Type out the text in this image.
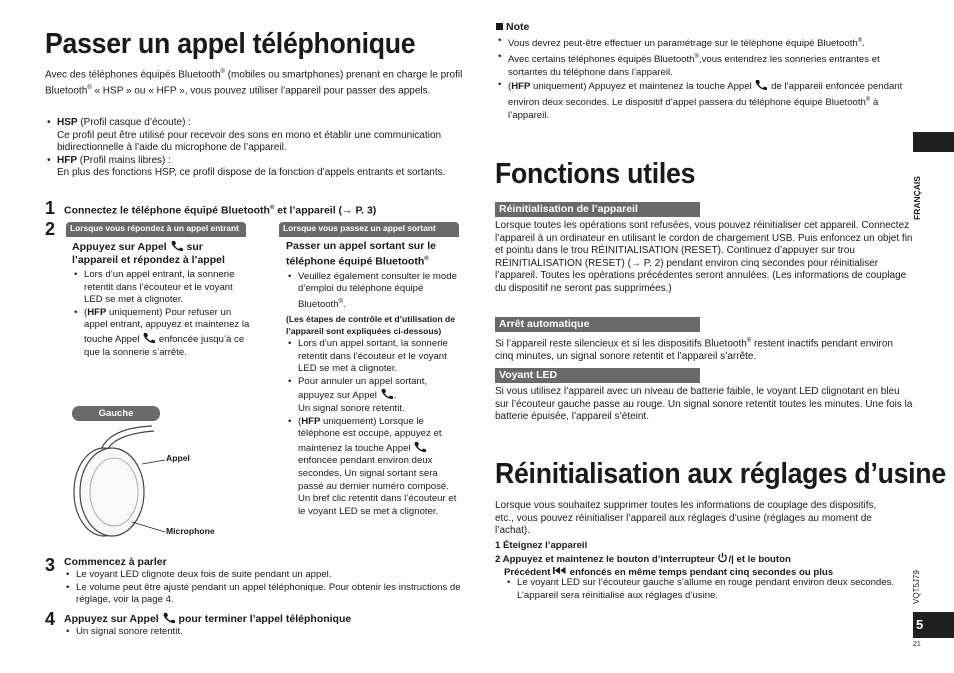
Passer un appel téléphonique
Avec des téléphones équipés Bluetooth® (mobiles ou smartphones) prenant en charge le profil Bluetooth® « HSP » ou « HFP », vous pouvez utiliser l’appareil pour passer des appels.
• HSP (Profil casque d’écoute) :
Ce profil peut être utilisé pour recevoir des sons en mono et établir une communication bidirectionnelle à l’aide du microphone de l’appareil.
• HFP (Profil mains libres) :
En plus des fonctions HSP, ce profil dispose de la fonction d’appels entrants et sortants.
1 Connectez le téléphone équipé Bluetooth® et l’appareil (→ P. 3)
2	Lorsque vous répondez à un appel entrant	Lorsque vous passez un appel sortant
Appuyez sur Appel  sur l’appareil et répondez à l’appel
• Lors d’un appel entrant, la sonnerie retentit dans l’écouteur et le voyant LED se met à clignoter.
• (HFP uniquement) Pour refuser un appel entrant, appuyez et maintenez la touche Appel  enfoncée jusqu’à ce que la sonnerie s’arrête.
Passer un appel sortant sur le téléphone équipé Bluetooth®
• Veuillez également consulter le mode d’emploi du téléphone équipé Bluetooth®.
(Les étapes de contrôle et d’utilisation de l’appareil sont expliquées ci-dessous)
• Lors d’un appel sortant, la sonnerie retentit dans l’écouteur et le voyant LED se met à clignoter.
• Pour annuler un appel sortant, appuyez sur Appel .
Un signal sonore retentit.
• (HFP uniquement) Lorsque le téléphone est occupé, appuyez et maintenez la touche Appel  enfoncée pendant environ deux secondes. Un signal sortant sera passé au dernier numéro composé. Un bref clic retentit dans l’écouteur et le voyant LED se met à clignoter.
Gauche
Appel
Microphone
3 Commencez à parler
• Le voyant LED clignote deux fois de suite pendant un appel.
• Le volume peut être ajusté pendant un appel téléphonique. Pour obtenir les instructions de réglage, voir la page 4.
4 Appuyez sur Appel  pour terminer l’appel téléphonique
• Un signal sonore retentit.
Note
• Vous devrez peut-être effectuer un paramétrage sur le téléphone équipé Bluetooth®.
• Avec certains téléphones équipés Bluetooth®,vous entendrez les sonneries entrantes et sortantes du téléphone dans l’appareil.
• (HFP uniquement) Appuyez et maintenez la touche Appel  de l’appareil enfoncée pendant environ deux secondes. Le dispositif d’appel passera du téléphone équipé Bluetooth® à l’appareil.
Fonctions utiles
Réinitialisation de l’appareil
Lorsque toutes les opérations sont refusées, vous pouvez réinitialiser cet appareil. Connectez l’appareil à un ordinateur en utilisant le cordon de chargement USB. Puis enfoncez un objet fin et pointu dans le trou RÉINITIALISATION (RESET). Continuez d’appuyer sur trou RÉINITIALISATION (RESET) (→ P. 2) pendant environ cinq secondes pour réinitialiser l’appareil. Toutes les opérations précédentes seront annulées. (Les informations de couplage du dispositif ne seront pas supprimées.)
Arrêt automatique
Si l’appareil reste silencieux et si les dispositifs Bluetooth® restent inactifs pendant environ cinq minutes, un signal sonore retentit et l’appareil s’arrête.
Voyant LED
Si vous utilisez l’appareil avec un niveau de batterie faible, le voyant LED clignotant en bleu sur l’écouteur gauche passe au rouge. Un signal sonore retentit toutes les minutes. Une fois la batterie épuisée, l’appareil s’éteint.
Réinitialisation aux réglages d’usine
Lorsque vous souhaitez supprimer toutes les informations de couplage des dispositifs, etc., vous pouvez réinitialiser l’appareil aux réglages d’usine (réglages au moment de l’achat).
1 Éteignez l’appareil
2 Appuyez et maintenez le bouton d’interrupteur /| et le bouton
Précédent  enfoncés en même temps pendant cinq secondes ou plus
• Le voyant LED sur l’écouteur gauche s’allume en rouge pendant environ deux secondes. L’appareil sera réinitialisé aux réglages d’usine.
FRANÇAIS
VQT5J79
5
21
